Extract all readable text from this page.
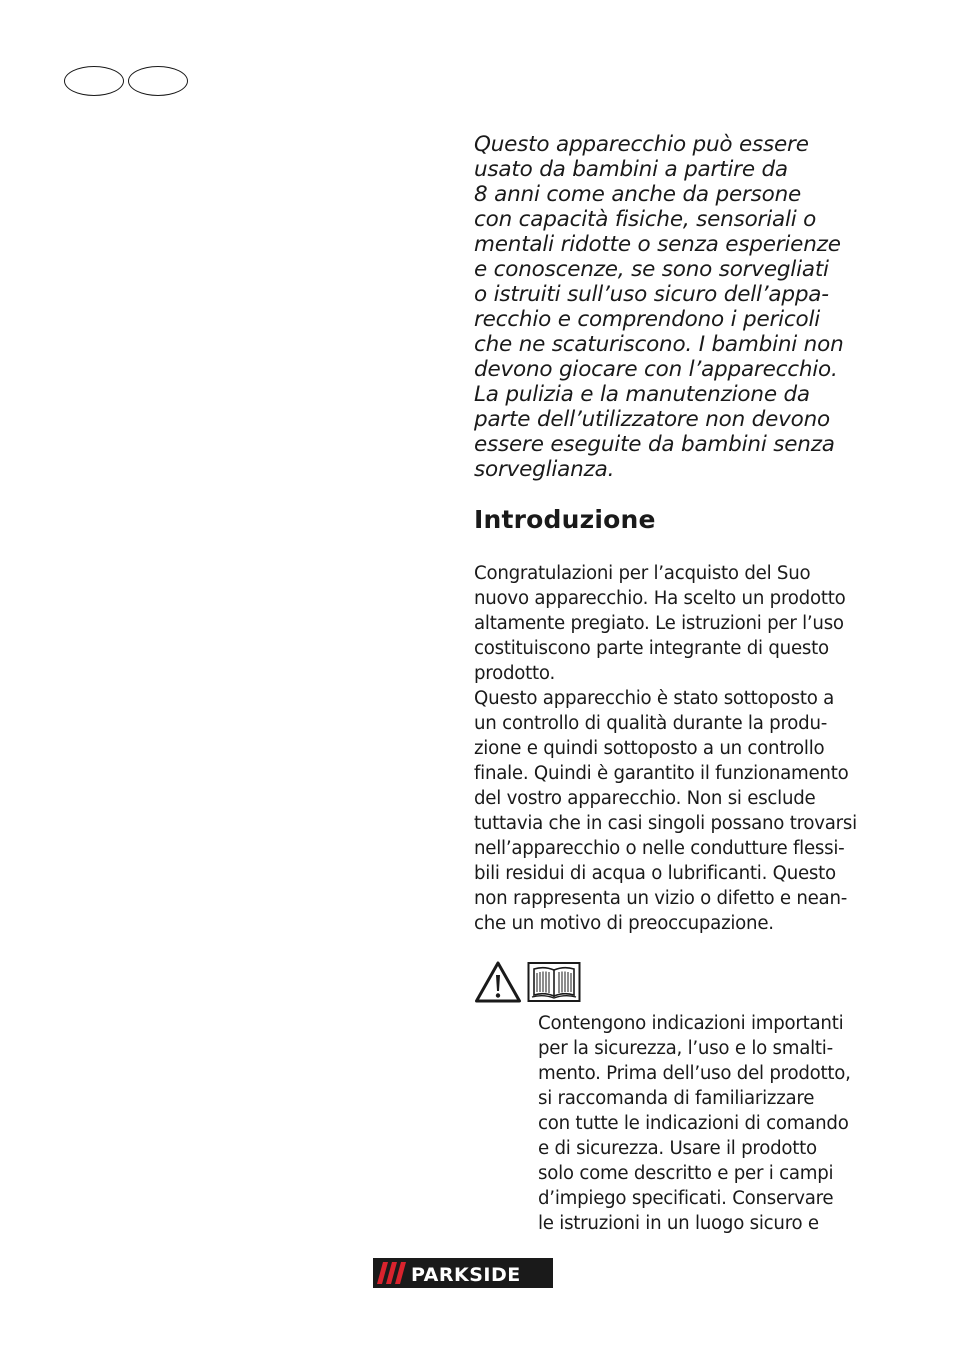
Questo apparecchio può essere
usato da bambini a partire da
8 anni come anche da persone
con capacità fisiche, sensoriali o
mentali ridotte o senza esperienze
e conoscenze, se sono sorvegliati
o istruiti sull’uso sicuro dell’appa-
recchio e comprendono i pericoli
che ne scaturiscono. I bambini non
devono giocare con l’apparecchio.
La pulizia e la manutenzione da
parte dell’utilizzatore non devono
essere eseguite da bambini senza
sorveglianza.
Introduzione
Congratulazioni per l’acquisto del Suo
nuovo apparecchio. Ha scelto un prodotto
altamente pregiato. Le istruzioni per l’uso
costituiscono parte integrante di questo
prodotto.
Questo apparecchio è stato sottoposto a
un controllo di qualità durante la produ-
zione e quindi sottoposto a un controllo
finale. Quindi è garantito il funzionamento
del vostro apparecchio. Non si esclude
tuttavia che in casi singoli possano trovarsi
nell’apparecchio o nelle condutture flessi-
bili residui di acqua o lubrificanti. Questo
non rappresenta un vizio o difetto e nean-
che un motivo di preoccupazione.
Contengono indicazioni importanti
per la sicurezza, l’uso e lo smalti-
mento. Prima dell’uso del prodotto,
si raccomanda di familiarizzare
con tutte le indicazioni di comando
e di sicurezza. Usare il prodotto
solo come descritto e per i campi
d’impiego specificati. Conservare
le istruzioni in un luogo sicuro e
PARKSIDE
